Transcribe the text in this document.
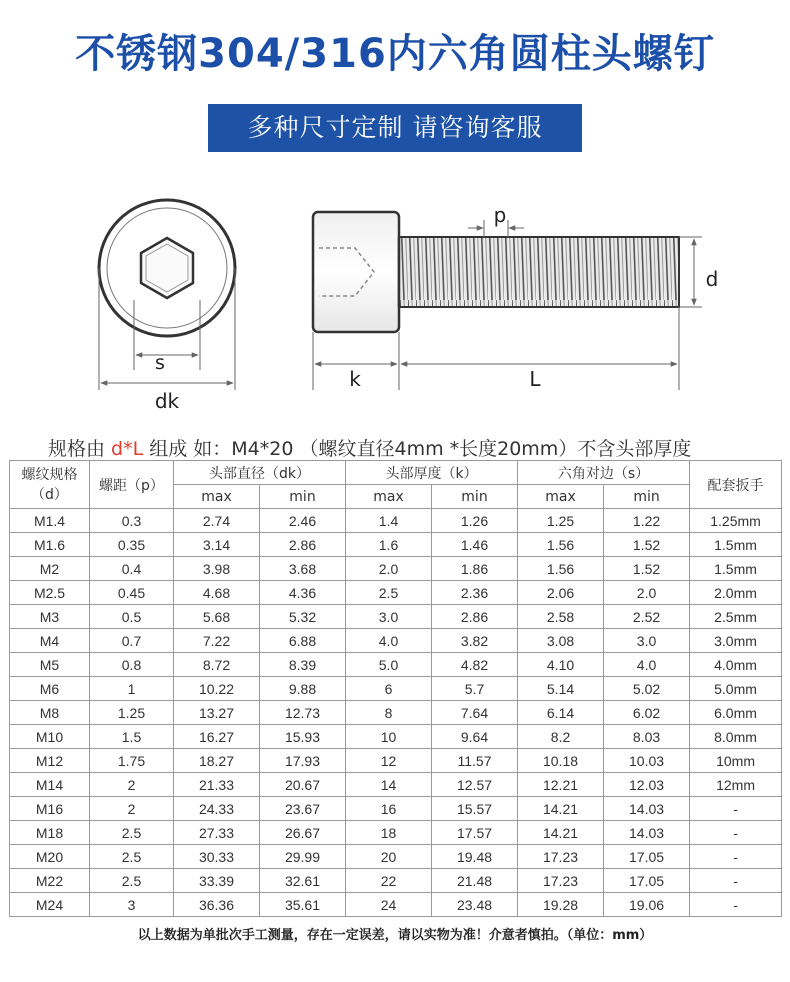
不锈钢304/316内六角圆柱头螺钉
多种尺寸定制 请咨询客服
s
dk
p
d
k	L
规格由 d*L 组成 如：M4*20 （螺纹直径4mm *长度20mm）不含头部厚度
螺纹规格
（d）	螺距（p）	头部直径（dk）		头部厚度（k）		六角对边（s）		配套扳手
		max	min	max	min	max	min	
M1.4	0.3	2.74	2.46	1.4	1.26	1.25	1.22	1.25mm
M1.6	0.35	3.14	2.86	1.6	1.46	1.56	1.52	1.5mm
M2	0.4	3.98	3.68	2.0	1.86	1.56	1.52	1.5mm
M2.5	0.45	4.68	4.36	2.5	2.36	2.06	2.0	2.0mm
M3	0.5	5.68	5.32	3.0	2.86	2.58	2.52	2.5mm
M4	0.7	7.22	6.88	4.0	3.82	3.08	3.0	3.0mm
M5	0.8	8.72	8.39	5.0	4.82	4.10	4.0	4.0mm
M6	1	10.22	9.88	6	5.7	5.14	5.02	5.0mm
M8	1.25	13.27	12.73	8	7.64	6.14	6.02	6.0mm
M10	1.5	16.27	15.93	10	9.64	8.2	8.03	8.0mm
M12	1.75	18.27	17.93	12	11.57	10.18	10.03	10mm
M14	2	21.33	20.67	14	12.57	12.21	12.03	12mm
M16	2	24.33	23.67	16	15.57	14.21	14.03	-
M18	2.5	27.33	26.67	18	17.57	14.21	14.03	-
M20	2.5	30.33	29.99	20	19.48	17.23	17.05	-
M22	2.5	33.39	32.61	22	21.48	17.23	17.05	-
M24	3	36.36	35.61	24	23.48	19.28	19.06	-
以上数据为单批次手工测量，存在一定误差，请以实物为准！介意者慎拍。（单位：mm）
